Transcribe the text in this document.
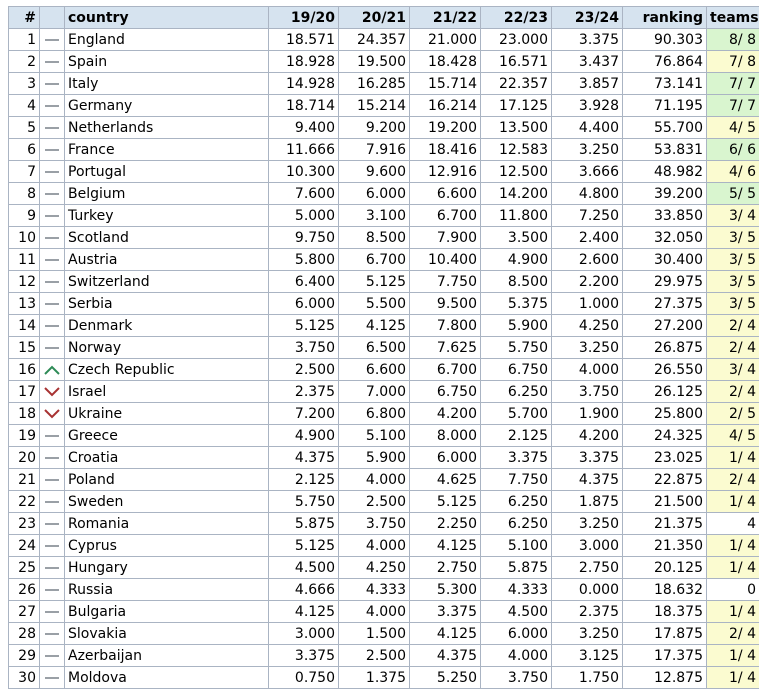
#		country	19/20	20/21	21/22	22/23	23/24	ranking	teams
1		England	18.571	24.357	21.000	23.000	3.375	90.303	8/ 8
2		Spain	18.928	19.500	18.428	16.571	3.437	76.864	7/ 8
3		Italy	14.928	16.285	15.714	22.357	3.857	73.141	7/ 7
4		Germany	18.714	15.214	16.214	17.125	3.928	71.195	7/ 7
5		Netherlands	9.400	9.200	19.200	13.500	4.400	55.700	4/ 5
6		France	11.666	7.916	18.416	12.583	3.250	53.831	6/ 6
7		Portugal	10.300	9.600	12.916	12.500	3.666	48.982	4/ 6
8		Belgium	7.600	6.000	6.600	14.200	4.800	39.200	5/ 5
9		Turkey	5.000	3.100	6.700	11.800	7.250	33.850	3/ 4
10		Scotland	9.750	8.500	7.900	3.500	2.400	32.050	3/ 5
11		Austria	5.800	6.700	10.400	4.900	2.600	30.400	3/ 5
12		Switzerland	6.400	5.125	7.750	8.500	2.200	29.975	3/ 5
13		Serbia	6.000	5.500	9.500	5.375	1.000	27.375	3/ 5
14		Denmark	5.125	4.125	7.800	5.900	4.250	27.200	2/ 4
15		Norway	3.750	6.500	7.625	5.750	3.250	26.875	2/ 4
16		Czech Republic	2.500	6.600	6.700	6.750	4.000	26.550	3/ 4
17		Israel	2.375	7.000	6.750	6.250	3.750	26.125	2/ 4
18		Ukraine	7.200	6.800	4.200	5.700	1.900	25.800	2/ 5
19		Greece	4.900	5.100	8.000	2.125	4.200	24.325	4/ 5
20		Croatia	4.375	5.900	6.000	3.375	3.375	23.025	1/ 4
21		Poland	2.125	4.000	4.625	7.750	4.375	22.875	2/ 4
22		Sweden	5.750	2.500	5.125	6.250	1.875	21.500	1/ 4
23		Romania	5.875	3.750	2.250	6.250	3.250	21.375	4
24		Cyprus	5.125	4.000	4.125	5.100	3.000	21.350	1/ 4
25		Hungary	4.500	4.250	2.750	5.875	2.750	20.125	1/ 4
26		Russia	4.666	4.333	5.300	4.333	0.000	18.632	0
27		Bulgaria	4.125	4.000	3.375	4.500	2.375	18.375	1/ 4
28		Slovakia	3.000	1.500	4.125	6.000	3.250	17.875	2/ 4
29		Azerbaijan	3.375	2.500	4.375	4.000	3.125	17.375	1/ 4
30		Moldova	0.750	1.375	5.250	3.750	1.750	12.875	1/ 4
